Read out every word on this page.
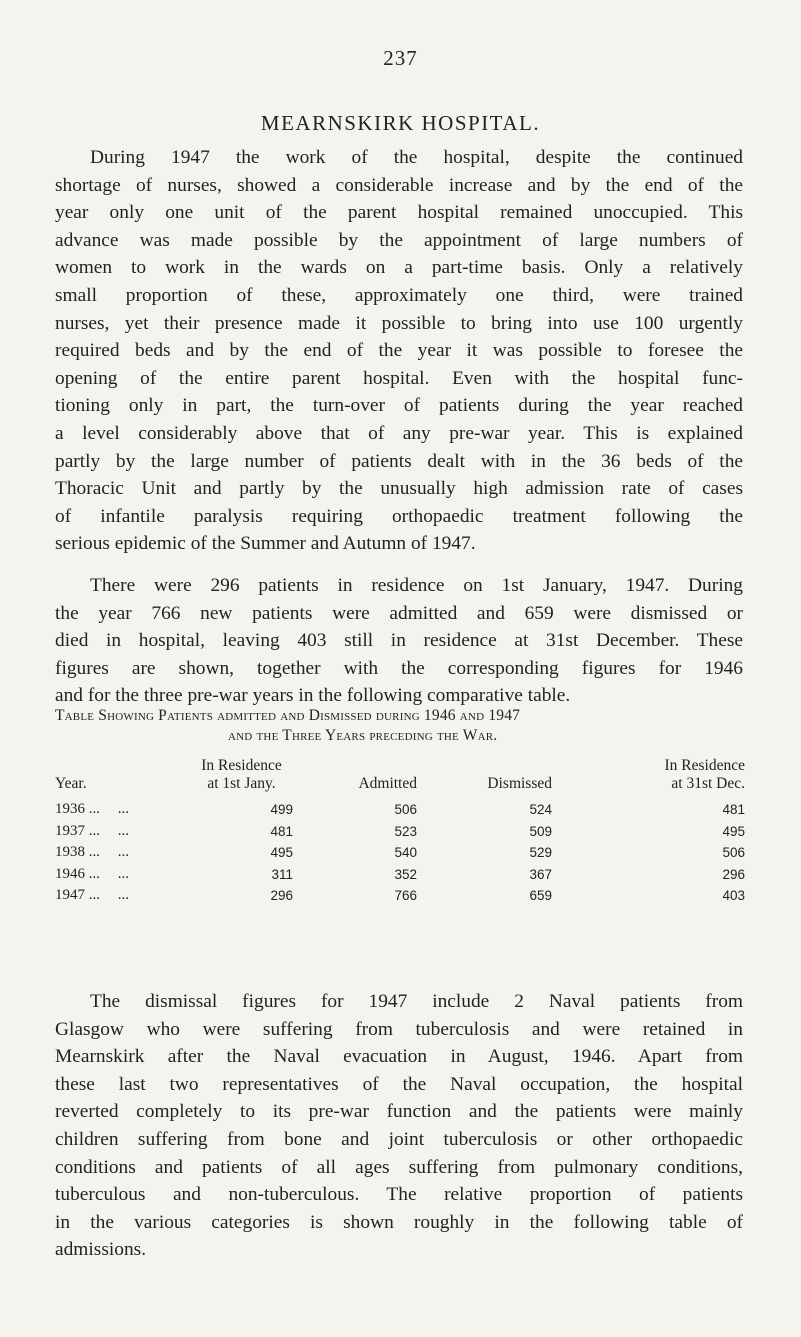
237
MEARNSKIRK HOSPITAL.
During 1947 the work of the hospital, despite the continued
shortage of nurses, showed a considerable increase and by the end of the
year only one unit of the parent hospital remained unoccupied. This
advance was made possible by the appointment of large numbers of
women to work in the wards on a part-time basis. Only a relatively
small proportion of these, approximately one third, were trained
nurses, yet their presence made it possible to bring into use 100 urgently
required beds and by the end of the year it was possible to foresee the
opening of the entire parent hospital. Even with the hospital func-
tioning only in part, the turn-over of patients during the year reached
a level considerably above that of any pre-war year. This is explained
partly by the large number of patients dealt with in the 36 beds of the
Thoracic Unit and partly by the unusually high admission rate of cases
of infantile paralysis requiring orthopaedic treatment following the
serious epidemic of the Summer and Autumn of 1947.
There were 296 patients in residence on 1st January, 1947. During
the year 766 new patients were admitted and 659 were dismissed or
died in hospital, leaving 403 still in residence at 31st December. These
figures are shown, together with the corresponding figures for 1946
and for the three pre-war years in the following comparative table.
Table Showing Patients admitted and Dismissed during 1946 and 1947
and the Three Years preceding the War.
Year.	In Residence
at 1st Jany.	Admitted	Dismissed	In Residence
at 31st Dec.

1936 ... ...	499	506	524	481
1937 ... ...	481	523	509	495
1938 ... ...	495	540	529	506
1946 ... ...	311	352	367	296
1947 ... ...	296	766	659	403
The dismissal figures for 1947 include 2 Naval patients from
Glasgow who were suffering from tuberculosis and were retained in
Mearnskirk after the Naval evacuation in August, 1946. Apart from
these last two representatives of the Naval occupation, the hospital
reverted completely to its pre-war function and the patients were mainly
children suffering from bone and joint tuberculosis or other orthopaedic
conditions and patients of all ages suffering from pulmonary conditions,
tuberculous and non-tuberculous. The relative proportion of patients
in the various categories is shown roughly in the following table of
admissions.
